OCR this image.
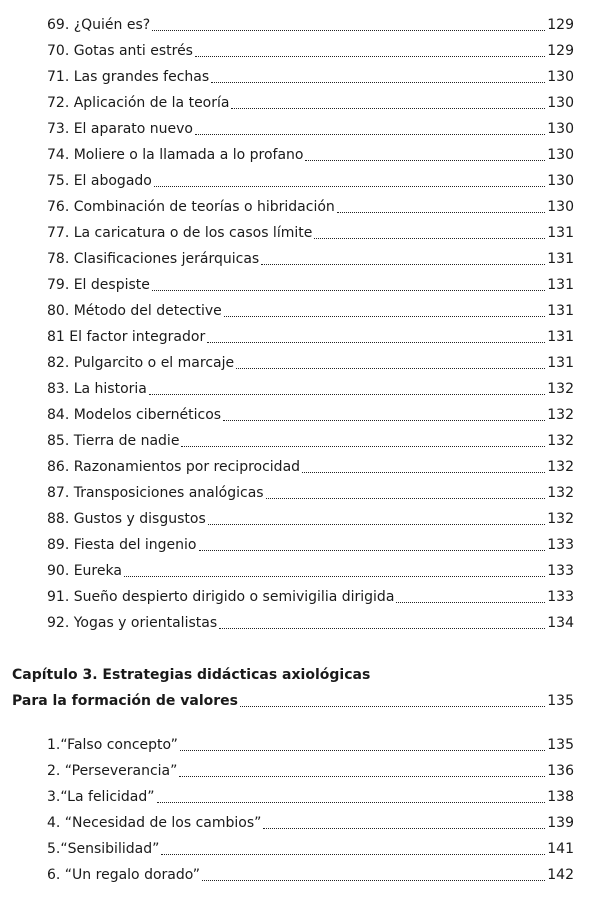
69. ¿Quién es?	129
70. Gotas anti estrés	129
71. Las grandes fechas	130
72. Aplicación de la teoría	130
73. El aparato nuevo	130
74. Moliere o la llamada a lo profano	130
75. El abogado	130
76. Combinación de teorías o hibridación	130
77. La caricatura o de los casos límite	131
78. Clasificaciones jerárquicas	131
79. El despiste	131
80. Método del detective	131
81 El factor integrador	131
82. Pulgarcito o el marcaje	131
83. La historia	132
84. Modelos cibernéticos	132
85. Tierra de nadie	132
86. Razonamientos por reciprocidad	132
87. Transposiciones analógicas	132
88. Gustos y disgustos	132
89. Fiesta del ingenio	133
90. Eureka	133
91. Sueño despierto dirigido o semivigilia dirigida	133
92. Yogas y orientalistas	134
Capítulo 3. Estrategias didácticas axiológicas
Para la formación de valores	135
1.“Falso concepto”	135
2. “Perseverancia”	136
3.“La felicidad”	138
4. “Necesidad de los cambios”	139
5.“Sensibilidad”	141
6. “Un regalo dorado”	142
